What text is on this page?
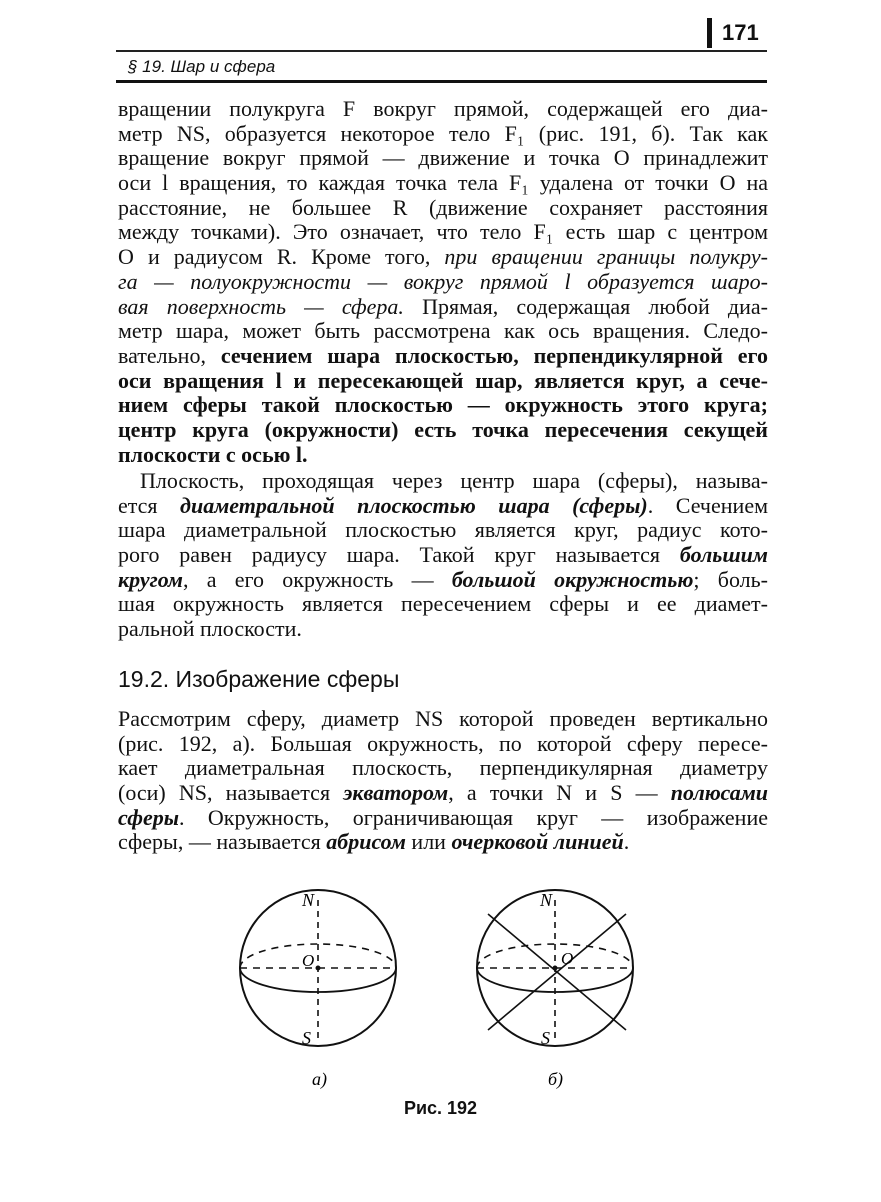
171
§ 19. Шар и сфера
вращении полукруга F вокруг прямой, содержащей его диа-
метр NS, образуется некоторое тело F₁ (рис. 191, б). Так как
вращение вокруг прямой — движение и точка O принадлежит
оси l вращения, то каждая точка тела F₁ удалена от точки O на
расстояние, не большее R (движение сохраняет расстояния
между точками). Это означает, что тело F₁ есть шар с центром
O и радиусом R. Кроме того, при вращении границы полукру-
га — полуокружности — вокруг прямой l образуется шаро-
вая поверхность — сфера. Прямая, содержащая любой диа-
метр шара, может быть рассмотрена как ось вращения. Следо-
вательно, сечением шара плоскостью, перпендикулярной его
оси вращения l и пересекающей шар, является круг, а сече-
нием сферы такой плоскостью — окружность этого круга;
центр круга (окружности) есть точка пересечения секущей
плоскости с осью l.
Плоскость, проходящая через центр шара (сферы), называ-
ется диаметральной плоскостью шара (сферы). Сечением
шара диаметральной плоскостью является круг, радиус кото-
рого равен радиусу шара. Такой круг называется большим
кругом, а его окружность — большой окружностью; боль-
шая окружность является пересечением сферы и ее диамет-
ральной плоскости.
19.2. Изображение сферы
Рассмотрим сферу, диаметр NS которой проведен вертикально
(рис. 192, а). Большая окружность, по которой сферу пересе-
кает диаметральная плоскость, перпендикулярная диаметру
(оси) NS, называется экватором, а точки N и S — полюсами
сферы. Окружность, ограничивающая круг — изображение
сферы, — называется абрисом или очерковой линией.
N
O
S
N
O
S
а)	б)
Рис. 192
